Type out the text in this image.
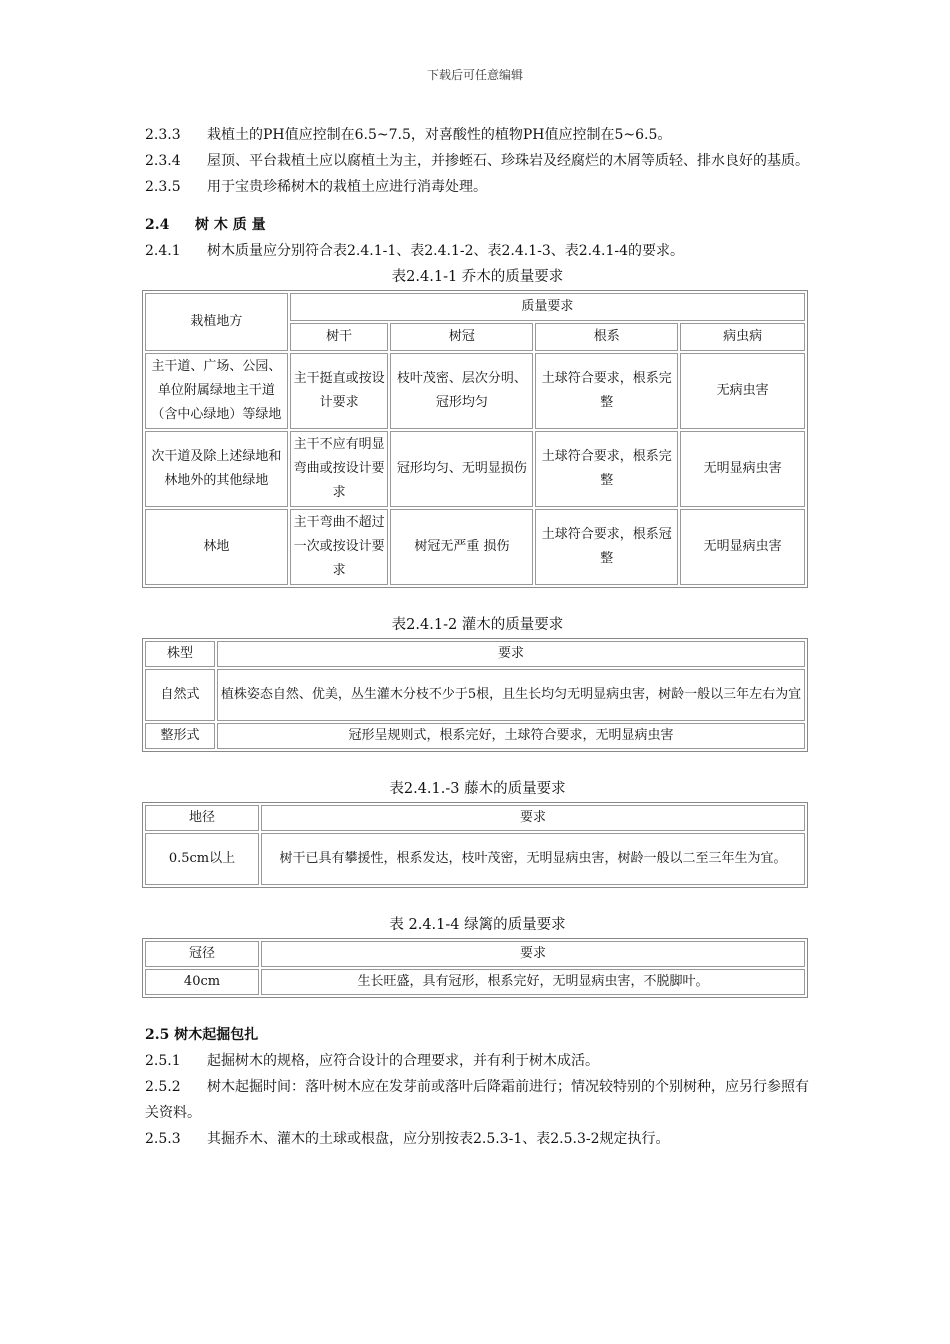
下载后可任意编辑

2.3.3 栽植土的PH值应控制在6.5~7.5，对喜酸性的植物PH值应控制在5~6.5。

2.3.4 屋顶、平台栽植土应以腐植土为主，并掺蛭石、珍珠岩及经腐烂的木屑等质轻、排水良好的基质。

2.3.5 用于宝贵珍稀树木的栽植土应进行消毒处理。

2.4 树 木 质 量

2.4.1 树木质量应分别符合表2.4.1-1、表2.4.1-2、表2.4.1-3、表2.4.1-4的要求。

表2.4.1-1 乔木的质量要求
栽植地方	质量要求			
	树干	树冠	根系	病虫病
主干道、广场、公园、单位附属绿地主干道（含中心绿地）等绿地	主干挺直或按设计要求	枝叶茂密、层次分明、冠形均匀	土球符合要求，根系完整	无病虫害
次干道及除上述绿地和林地外的其他绿地	主干不应有明显弯曲或按设计要求	冠形均匀、无明显损伤	土球符合要求，根系完整	无明显病虫害
林地	主干弯曲不超过一次或按设计要求	树冠无严重 损伤	土球符合要求，根系冠整	无明显病虫害
表2.4.1-2 灌木的质量要求
株型	要求
自然式	植株姿态自然、优美，丛生灌木分枝不少于5根，且生长均匀无明显病虫害，树龄一般以三年左右为宜
整形式	冠形呈规则式，根系完好，土球符合要求，无明显病虫害
表2.4.1.-3 藤木的质量要求
地径	要求
0.5cm以上	树干已具有攀援性，根系发达，枝叶茂密，无明显病虫害，树龄一般以二至三年生为宜。
表 2.4.1-4 绿篱的质量要求
冠径	要求
40cm	生长旺盛，具有冠形，根系完好，无明显病虫害，不脱脚叶。
2.5 树木起掘包扎

2.5.1 起掘树木的规格，应符合设计的合理要求，并有利于树木成活。

2.5.2 树木起掘时间：落叶树木应在发芽前或落叶后降霜前进行；情况较特别的个别树种，应另行参照有关资料。

2.5.3 其掘乔木、灌木的土球或根盘，应分别按表2.5.3-1、表2.5.3-2规定执行。
